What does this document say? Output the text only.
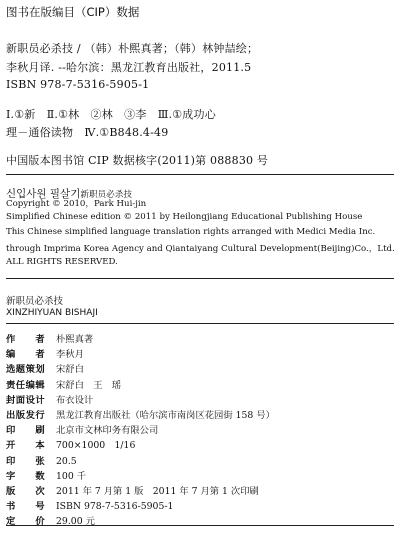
图书在版编目（CIP）数据
新职员必杀技 / （韩）朴熙真著；（韩）林钟喆绘；
李秋月译. --哈尔滨：黑龙江教育出版社，2011.5
ISBN 978-7-5316-5905-1
Ⅰ.①新　Ⅱ.①林　②林　③李　Ⅲ.①成功心
理－通俗读物　Ⅳ.①B848.4-49
中国版本图书馆 CIP 数据核字(2011)第 088830 号
신입사원 필살기新职员必杀技
Copyright © 2010，Park Hui-jin
Simplified Chinese edition © 2011 by Heilongjiang Educational Publishing House
This Chinese simplified language translation rights arranged with Medici Media Inc.
through Imprima Korea Agency and Qiantaiyang Cultural Development(Beijing)Co.，Ltd.
ALL RIGHTS RESERVED.
新职员必杀技
XINZHIYUAN BISHAJI
作　　者 朴熙真著
编　　者 李秋月
选题策划 宋舒白
责任编辑 宋舒白　王　瑶
封面设计 布衣设计
出版发行 黑龙江教育出版社（哈尔滨市南岗区花园街 158 号）
印　　刷 北京市文林印务有限公司
开　　本 700×1000　1/16
印　　张 20.5
字　　数 100 千
版　　次 2011 年 7 月第 1 版　2011 年 7 月第 1 次印刷
书　　号 ISBN 978-7-5316-5905-1
定　　价 29.00 元
